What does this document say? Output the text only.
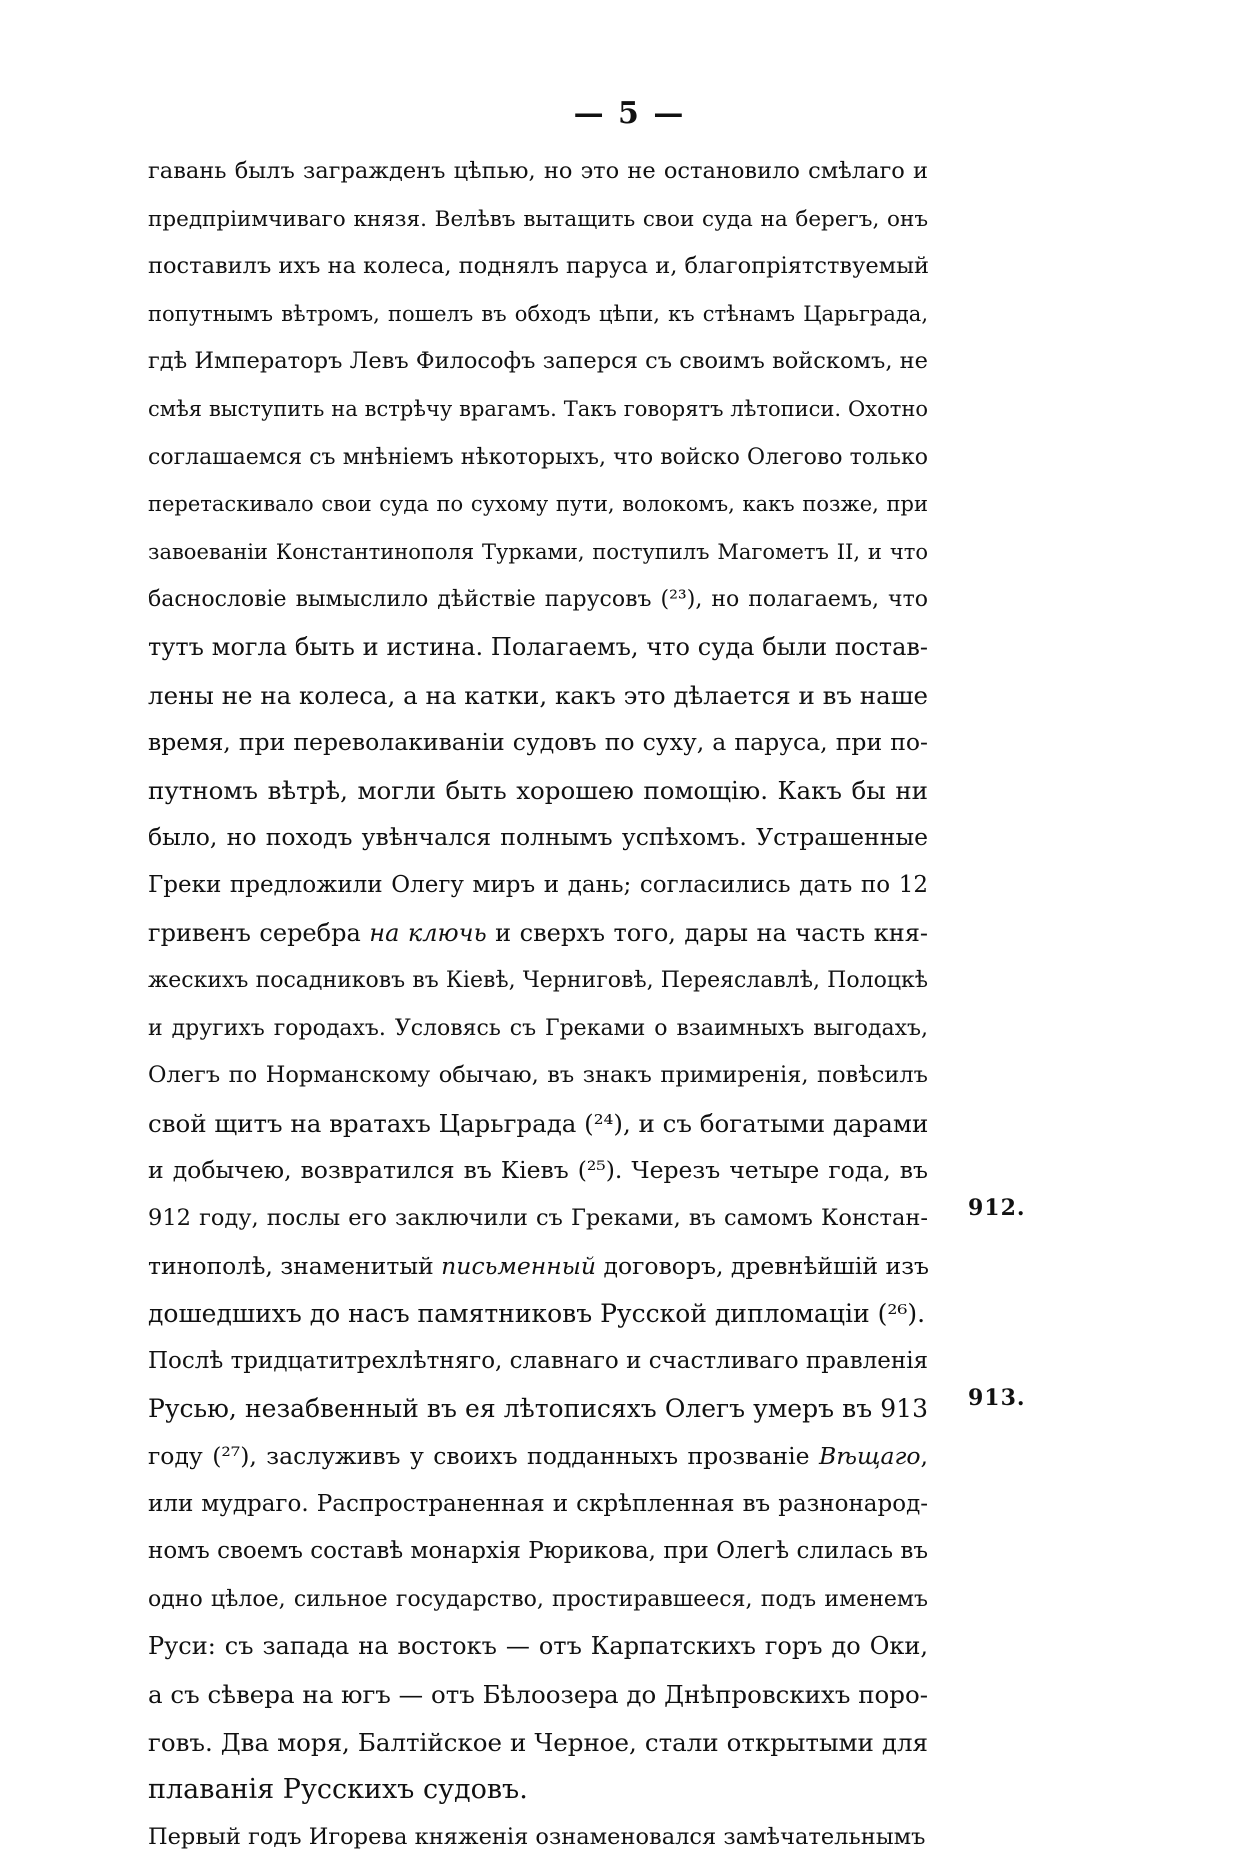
— 5 —
гавань былъ загражденъ цѣпью, но это не остановило смѣлаго и
предпріимчиваго князя. Велѣвъ вытащить свои суда на берегъ, онъ
поставилъ ихъ на колеса, поднялъ паруса и, благопріятствуемый
попутнымъ вѣтромъ, пошелъ въ обходъ цѣпи, къ стѣнамъ Царьграда,
гдѣ Императоръ Левъ Философъ заперся съ своимъ войскомъ, не
смѣя выступить на встрѣчу врагамъ. Такъ говорятъ лѣтописи. Охотно
соглашаемся съ мнѣніемъ нѣкоторыхъ, что войско Олегово только
перетаскивало свои суда по сухому пути, волокомъ, какъ позже, при
завоеваніи Константинополя Турками, поступилъ Магометъ II, и что
баснословіе вымыслило дѣйствіе парусовъ (²³), но полагаемъ, что
тутъ могла быть и истина. Полагаемъ, что суда были постав-
лены не на колеса, а на катки, какъ это дѣлается и въ наше
время, при переволакиваніи судовъ по суху, а паруса, при по-
путномъ вѣтрѣ, могли быть хорошею помощію. Какъ бы ни
было, но походъ увѣнчался полнымъ успѣхомъ. Устрашенные
Греки предложили Олегу миръ и дань; согласились дать по 12
гривенъ серебра на ключь и сверхъ того, дары на часть кня-
жескихъ посадниковъ въ Кіевѣ, Черниговѣ, Переяславлѣ, Полоцкѣ
и другихъ городахъ. Условясь съ Греками о взаимныхъ выгодахъ,
Олегъ по Норманскому обычаю, въ знакъ примиренія, повѣсилъ
свой щитъ на вратахъ Царьграда (²⁴), и съ богатыми дарами
и добычею, возвратился въ Кіевъ (²⁵). Черезъ четыре года, въ
912 году, послы его заключили съ Греками, въ самомъ Констан-
тинополѣ, знаменитый письменный договоръ, древнѣйшій изъ
дошедшихъ до насъ памятниковъ Русской дипломаціи (²⁶).
Послѣ тридцатитрехлѣтняго, славнаго и счастливаго правленія
Русью, незабвенный въ ея лѣтописяхъ Олегъ умеръ въ 913
году (²⁷), заслуживъ у своихъ подданныхъ прозваніе Вѣщаго,
или мудраго. Распространенная и скрѣпленная въ разнонарод-
номъ своемъ составѣ монархія Рюрикова, при Олегѣ слилась въ
одно цѣлое, сильное государство, простиравшееся, подъ именемъ
Руси: съ запада на востокъ — отъ Карпатскихъ горъ до Оки,
а съ сѣвера на югъ — отъ Бѣлоозера до Днѣпровскихъ поро-
говъ. Два моря, Балтійское и Черное, стали открытыми для
плаванія Русскихъ судовъ.
Первый годъ Игорева княженія ознаменовался замѣчательнымъ
912.
913.
